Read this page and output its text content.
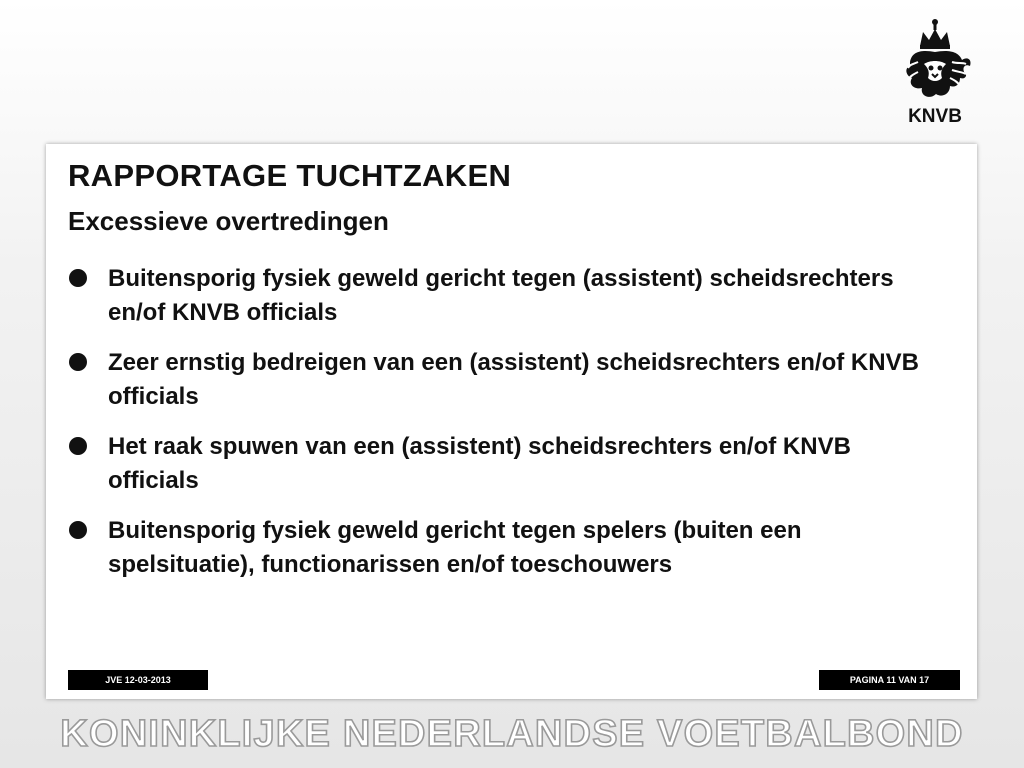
KNVB
RAPPORTAGE TUCHTZAKEN
Excessieve overtredingen
Buitensporig fysiek geweld gericht tegen (assistent) scheidsrechters en/of KNVB officials
Zeer ernstig bedreigen van een (assistent) scheidsrechters en/of KNVB officials
Het raak spuwen van een (assistent) scheidsrechters en/of KNVB officials
Buitensporig fysiek geweld gericht tegen spelers (buiten een spelsituatie), functionarissen en/of toeschouwers
JVE 12-03-2013	PAGINA 11 VAN 17
KONINKLIJKE NEDERLANDSE VOETBALBOND
